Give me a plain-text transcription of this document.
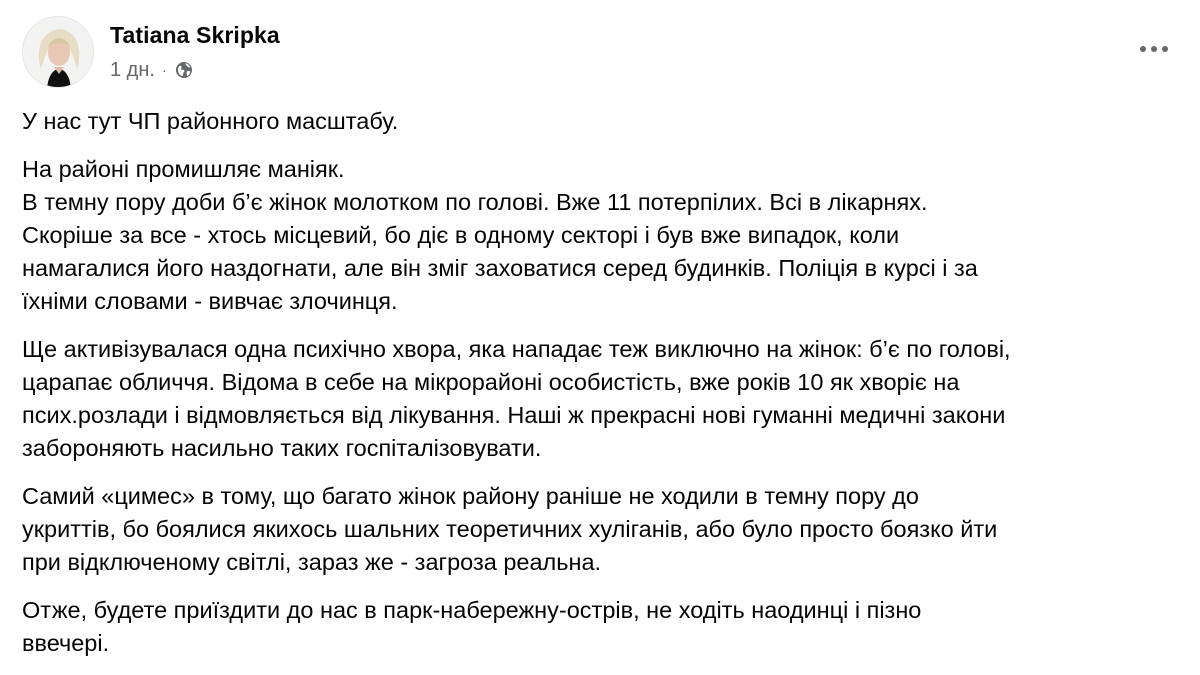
Tatiana Skripka
1 дн. ·

У нас тут ЧП районного масштабу.

На районі промишляє маніяк.
В темну пору доби б’є жінок молотком по голові. Вже 11 потерпілих. Всі в лікарнях.
Скоріше за все - хтось місцевий, бо діє в одному секторі і був вже випадок, коли
намагалися його наздогнати, але він зміг заховатися серед будинків. Поліція в курсі і за
їхніми словами - вивчає злочинця.

Ще активізувалася одна психічно хвора, яка нападає теж виключно на жінок: б’є по голові,
царапає обличчя. Відома в себе на мікрорайоні особистість, вже років 10 як хворіє на
псих.розлади і відмовляється від лікування. Наші ж прекрасні нові гуманні медичні закони
забороняють насильно таких госпіталізовувати.

Самий «цимес» в тому, що багато жінок району раніше не ходили в темну пору до
укриттів, бо боялися якихось шальних теоретичних хуліганів, або було просто боязко йти
при відключеному світлі, зараз же - загроза реальна.

Отже, будете приїздити до нас в парк-набережну-острів, не ходіть наодинці і пізно
ввечері.
